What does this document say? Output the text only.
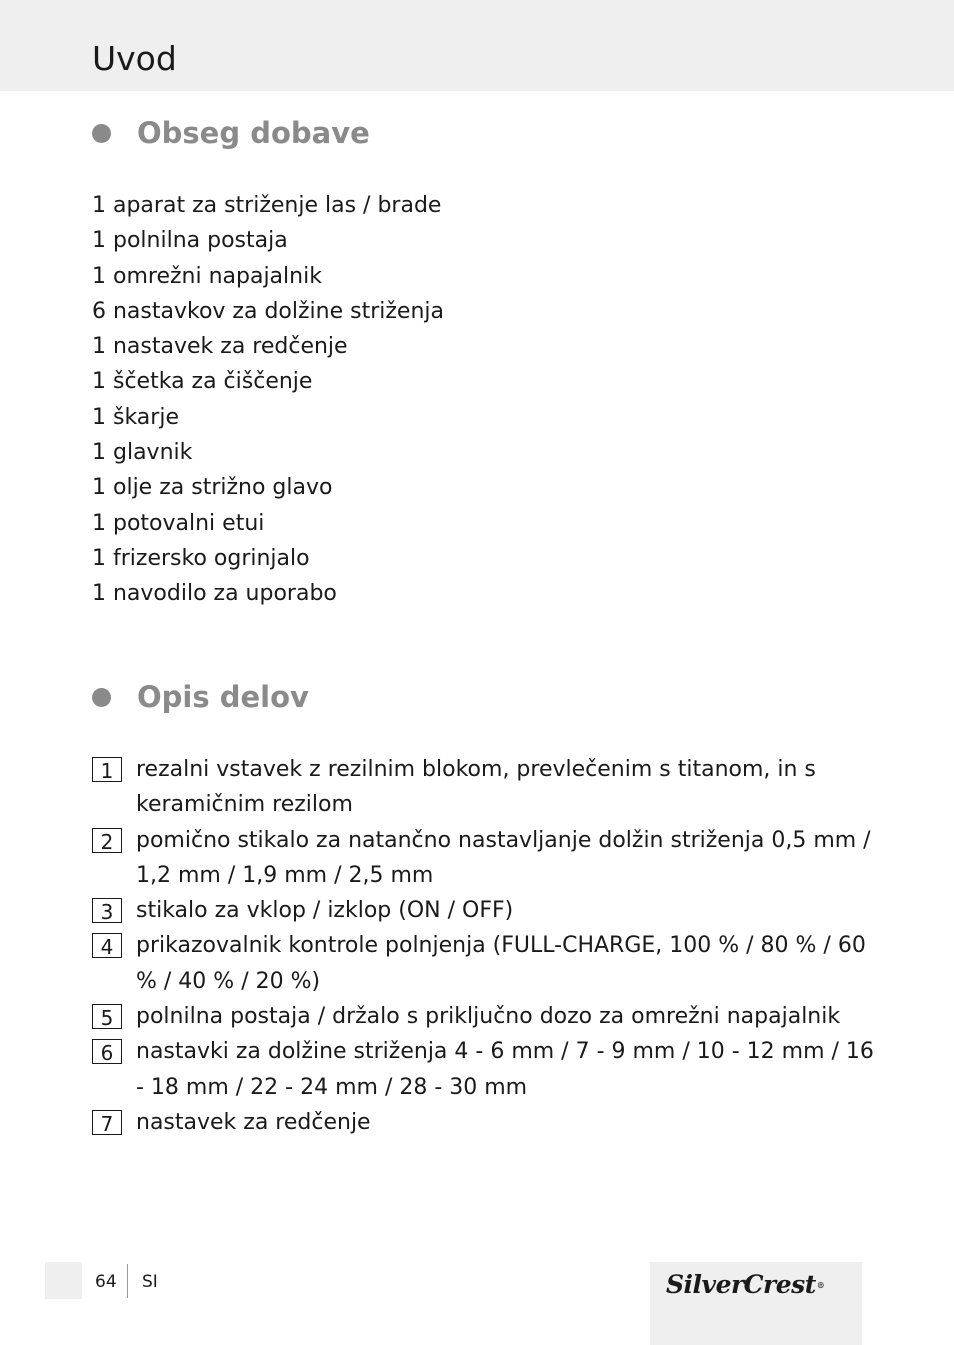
Uvod
Obseg dobave
1 aparat za striženje las / brade
1 polnilna postaja
1 omrežni napajalnik
6 nastavkov za dolžine striženja
1 nastavek za redčenje
1 ščetka za čiščenje
1 škarje
1 glavnik
1 olje za strižno glavo
1 potovalni etui
1 frizersko ogrinjalo
1 navodilo za uporabo
Opis delov
1	rezalni vstavek z rezilnim blokom, prevlečenim s titanom, in s keramičnim rezilom
2	pomično stikalo za natančno nastavljanje dolžin striženja 0,5 mm / 1,2 mm / 1,9 mm / 2,5 mm
3	stikalo za vklop / izklop (ON / OFF)
4	prikazovalnik kontrole polnjenja (FULL-CHARGE, 100 % / 80 % / 60 % / 40 % / 20 %)
5	polnilna postaja / držalo s priključno dozo za omrežni napajalnik
6	nastavki za dolžine striženja 4 - 6 mm / 7 - 9 mm / 10 - 12 mm / 16 - 18 mm / 22 - 24 mm / 28 - 30 mm
7	nastavek za redčenje
64 SI	SilverCrest®
